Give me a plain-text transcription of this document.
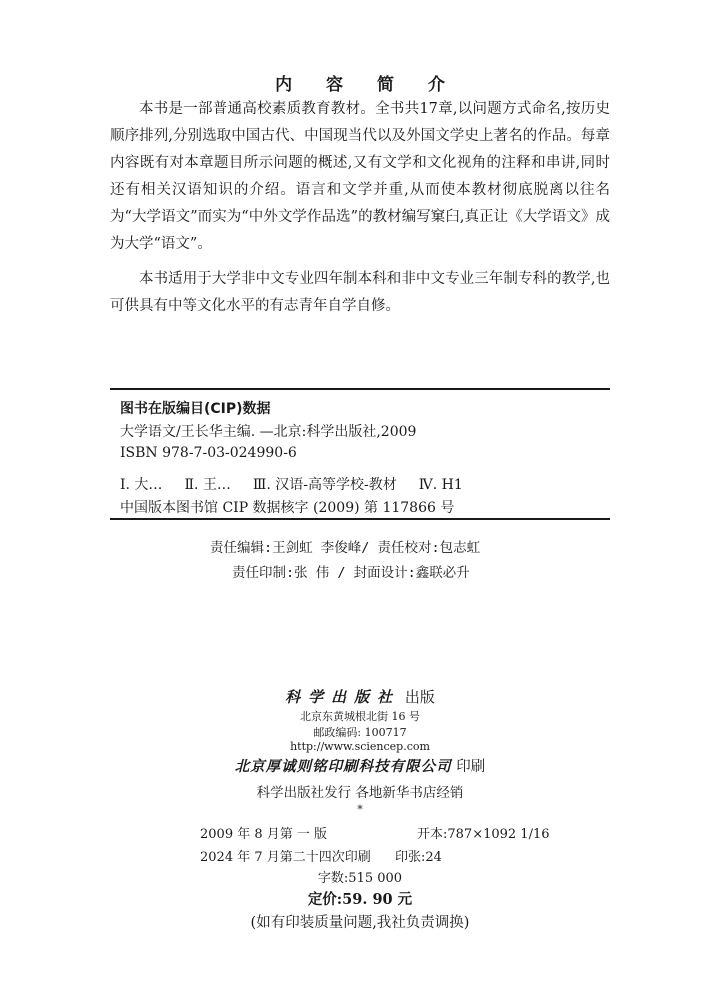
内 容 简 介

本书是一部普通高校素质教育教材。全书共17章,以问题方式命名,按历史顺序排列,分别选取中国古代、中国现当代以及外国文学史上著名的作品。每章内容既有对本章题目所示问题的概述,又有文学和文化视角的注释和串讲,同时还有相关汉语知识的介绍。语言和文学并重,从而使本教材彻底脱离以往名为“大学语文”而实为“中外文学作品选”的教材编写窠臼,真正让《大学语文》成为大学“语文”。

本书适用于大学非中文专业四年制本科和非中文专业三年制专科的教学,也可供具有中等文化水平的有志青年自学自修。

图书在版编目(CIP)数据
大学语文/王长华主编. —北京:科学出版社,2009
ISBN 978-7-03-024990-6
Ⅰ. 大… Ⅱ. 王… Ⅲ. 汉语-高等学校-教材 Ⅳ. H1
中国版本图书馆 CIP 数据核字 (2009) 第 117866 号
责任编辑:王剑虹 李俊峰/ 责任校对:包志虹
责任印制:张 伟 / 封面设计:鑫联必升
科学出版社 出版
北京东黄城根北街 16 号
邮政编码: 100717
http://www.sciencep.com
北京厚诚则铭印刷科技有限公司 印刷
科学出版社发行 各地新华书店经销
*
2009 年 8 月第 一 版	开本:787×1092 1/16
2024 年 7 月第二十四次印刷 印张:24
字数:515 000
定价:59. 90 元
(如有印装质量问题,我社负责调换)
